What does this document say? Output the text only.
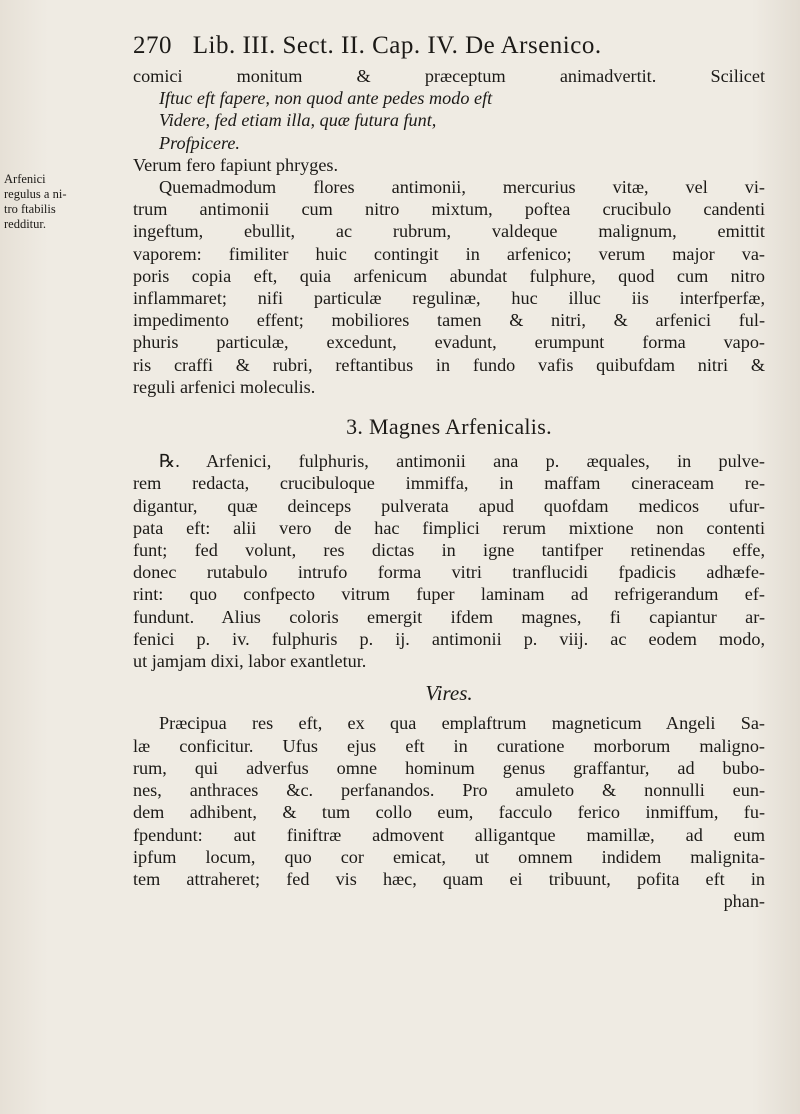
270 Lib. III. Sect. II. Cap. IV. De Arsenico.
Arfenici
regulus a ni-
tro ftabilis
redditur.
comici monitum & præceptum animadvertit. Scilicet
Iftuc eft fapere, non quod ante pedes modo eft
Videre, fed etiam illa, quæ futura funt,
Profpicere.
Verum fero fapiunt phryges.
Quemadmodum flores antimonii, mercurius vitæ, vel vi-
trum antimonii cum nitro mixtum, poftea crucibulo candenti
ingeftum, ebullit, ac rubrum, valdeque malignum, emittit
vaporem: fimiliter huic contingit in arfenico; verum major va-
poris copia eft, quia arfenicum abundat fulphure, quod cum nitro
inflammaret; nifi particulæ regulinæ, huc illuc iis interfperfæ,
impedimento effent; mobiliores tamen & nitri, & arfenici ful-
phuris particulæ, excedunt, evadunt, erumpunt forma vapo-
ris craffi & rubri, reftantibus in fundo vafis quibufdam nitri &
reguli arfenici moleculis.
3. Magnes Arfenicalis.
℞. Arfenici, fulphuris, antimonii ana p. æquales, in pulve-
rem redacta, crucibuloque immiffa, in maffam cineraceam re-
digantur, quæ deinceps pulverata apud quofdam medicos ufur-
pata eft: alii vero de hac fimplici rerum mixtione non contenti
funt; fed volunt, res dictas in igne tantifper retinendas effe,
donec rutabulo intrufo forma vitri tranflucidi fpadicis adhæfe-
rint: quo confpecto vitrum fuper laminam ad refrigerandum ef-
fundunt. Alius coloris emergit ifdem magnes, fi capiantur ar-
fenici p. iv. fulphuris p. ij. antimonii p. viij. ac eodem modo,
ut jamjam dixi, labor exantletur.
Vires.
Præcipua res eft, ex qua emplaftrum magneticum Angeli Sa-
læ conficitur. Ufus ejus eft in curatione morborum maligno-
rum, qui adverfus omne hominum genus graffantur, ad bubo-
nes, anthraces &c. perfanandos. Pro amuleto & nonnulli eun-
dem adhibent, & tum collo eum, facculo ferico inmiffum, fu-
fpendunt: aut finiftræ admovent alligantque mamillæ, ad eum
ipfum locum, quo cor emicat, ut omnem indidem malignita-
tem attraheret; fed vis hæc, quam ei tribuunt, pofita eft in
phan-
